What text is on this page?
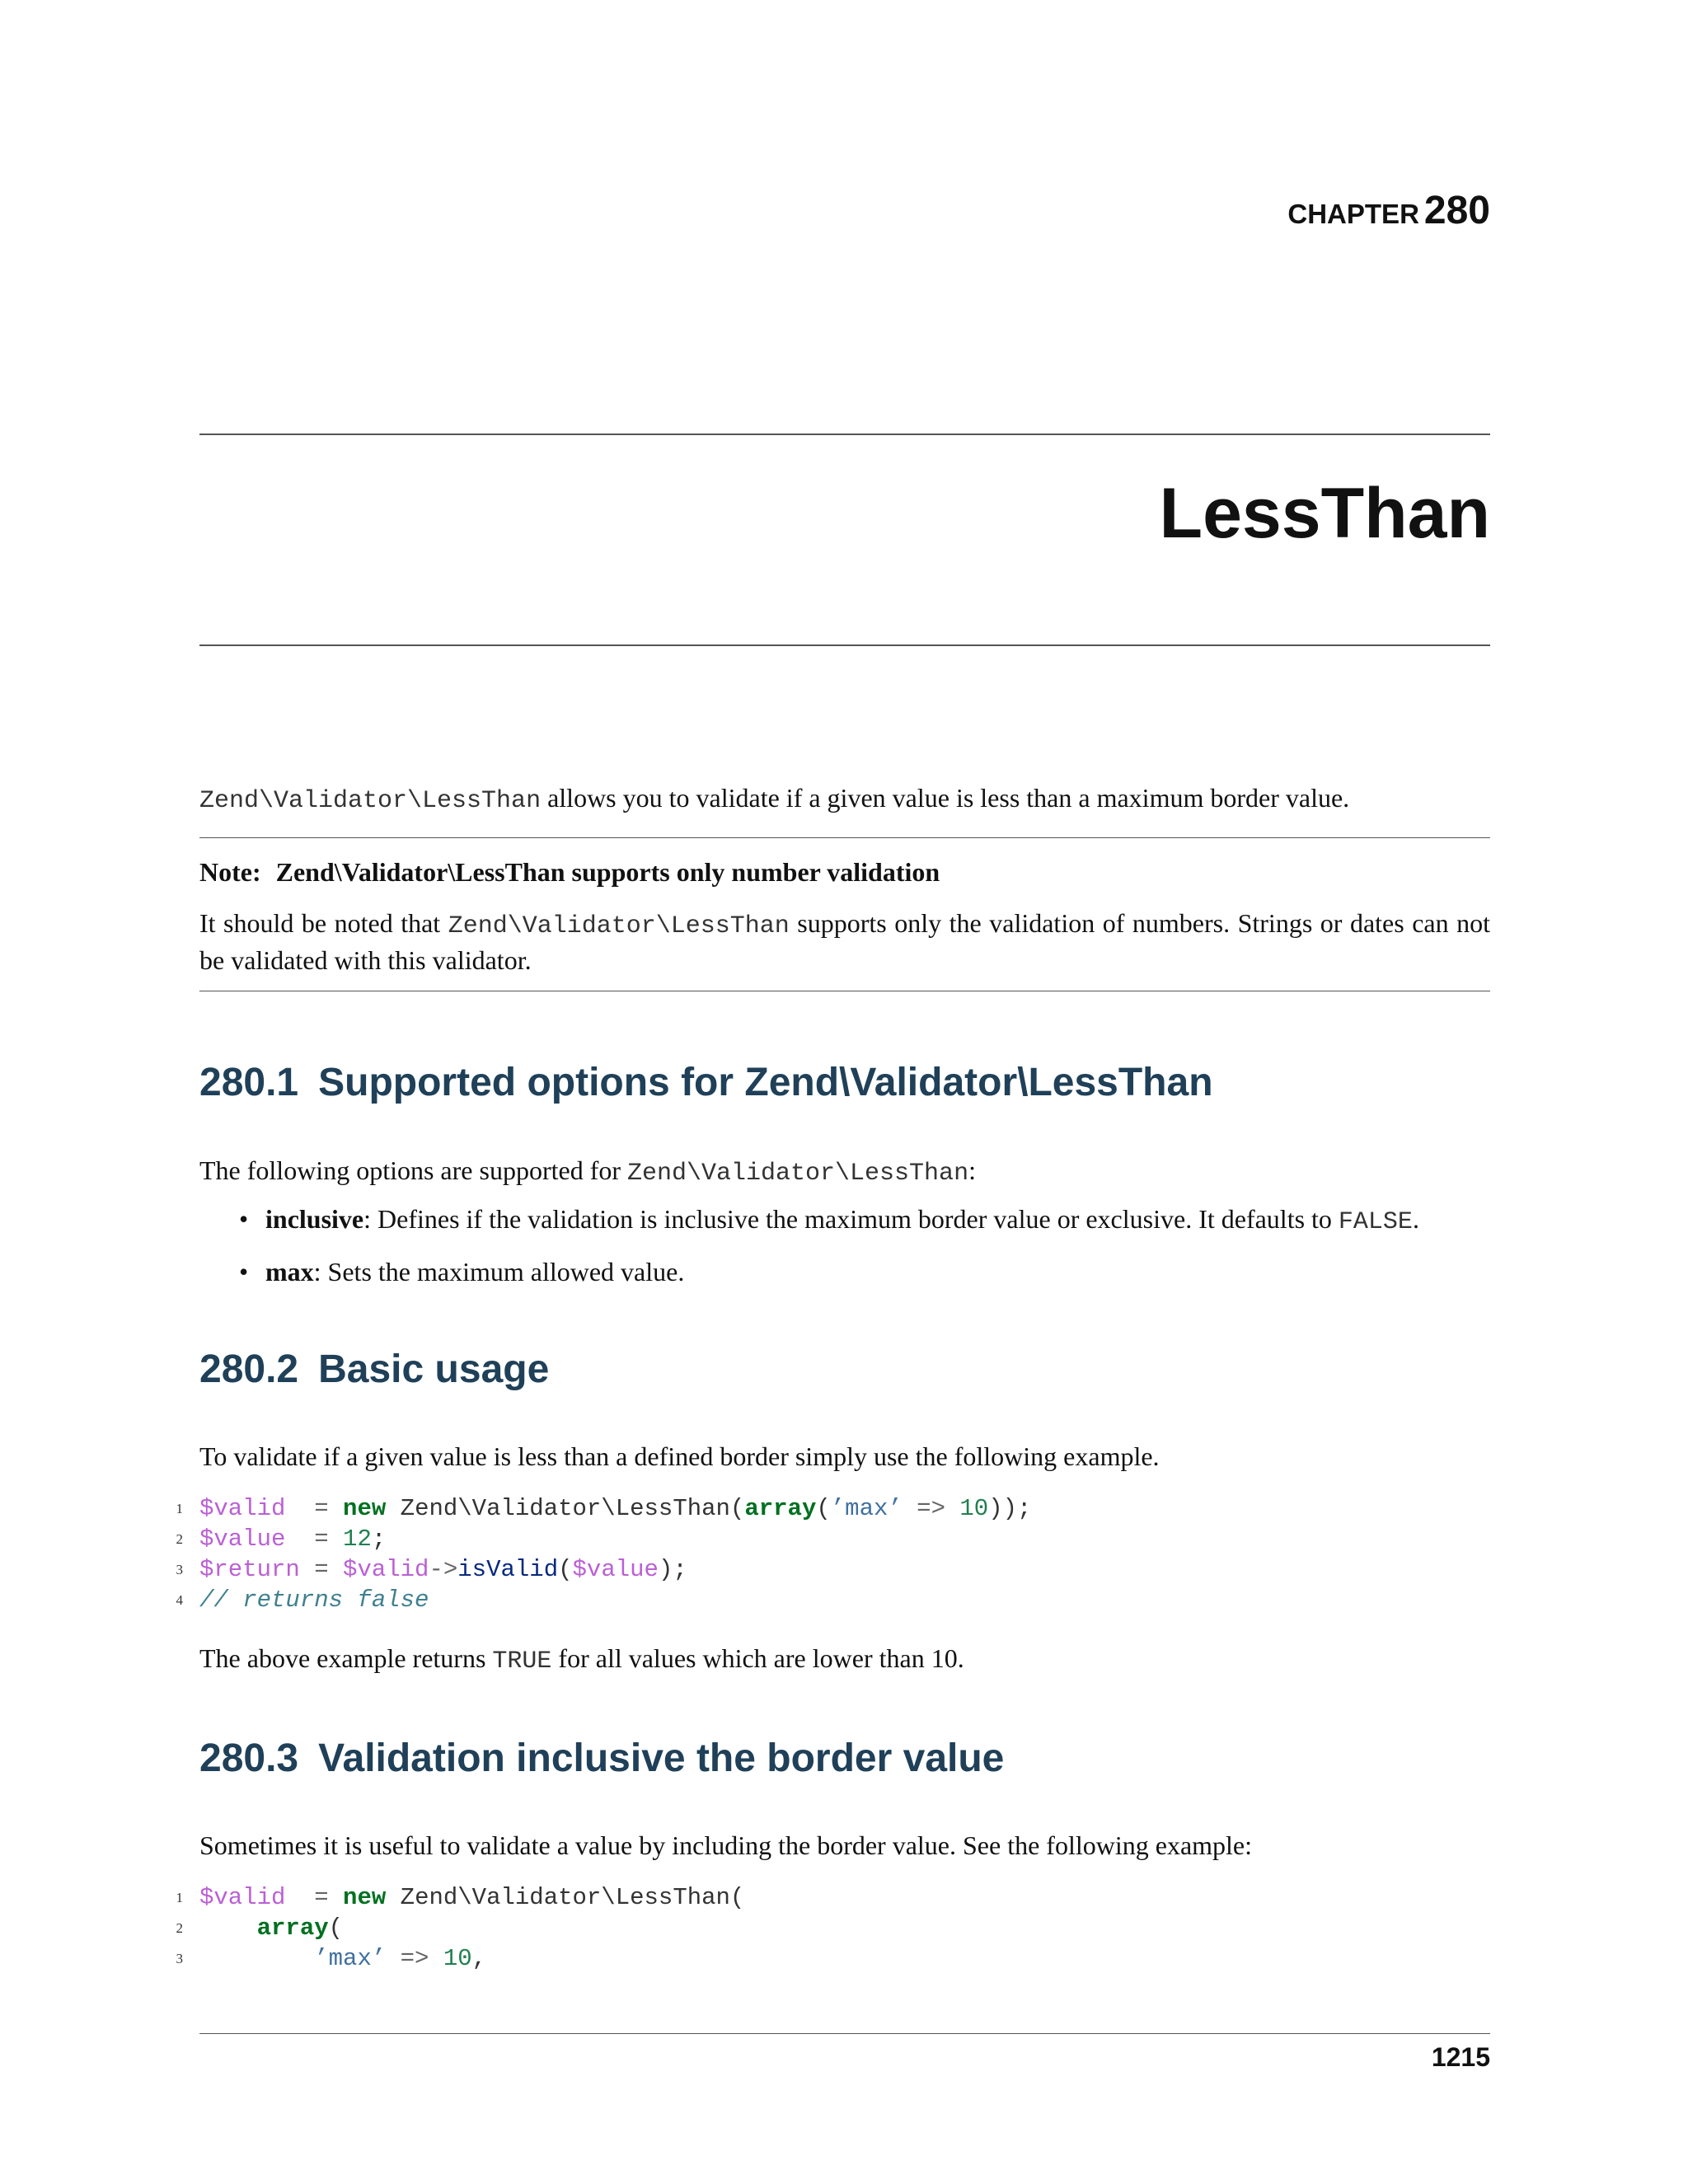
CHAPTER 280
LessThan
Zend\Validator\LessThan allows you to validate if a given value is less than a maximum border value.
Note: Zend\Validator\LessThan supports only number validation
It should be noted that Zend\Validator\LessThan supports only the validation of numbers. Strings or dates can not be validated with this validator.
280.1 Supported options for Zend\Validator\LessThan
The following options are supported for Zend\Validator\LessThan:
• inclusive: Defines if the validation is inclusive the maximum border value or exclusive. It defaults to FALSE.
• max: Sets the maximum allowed value.
280.2 Basic usage
To validate if a given value is less than a defined border simply use the following example.
1 $valid  = new Zend\Validator\LessThan(array(’max’ => 10));
2 $value  = 12;
3 $return = $valid->isValid($value);
4 // returns false
The above example returns TRUE for all values which are lower than 10.
280.3 Validation inclusive the border value
Sometimes it is useful to validate a value by including the border value. See the following example:
1 $valid  = new Zend\Validator\LessThan(
2	array(
3	’max’ => 10,
1215
